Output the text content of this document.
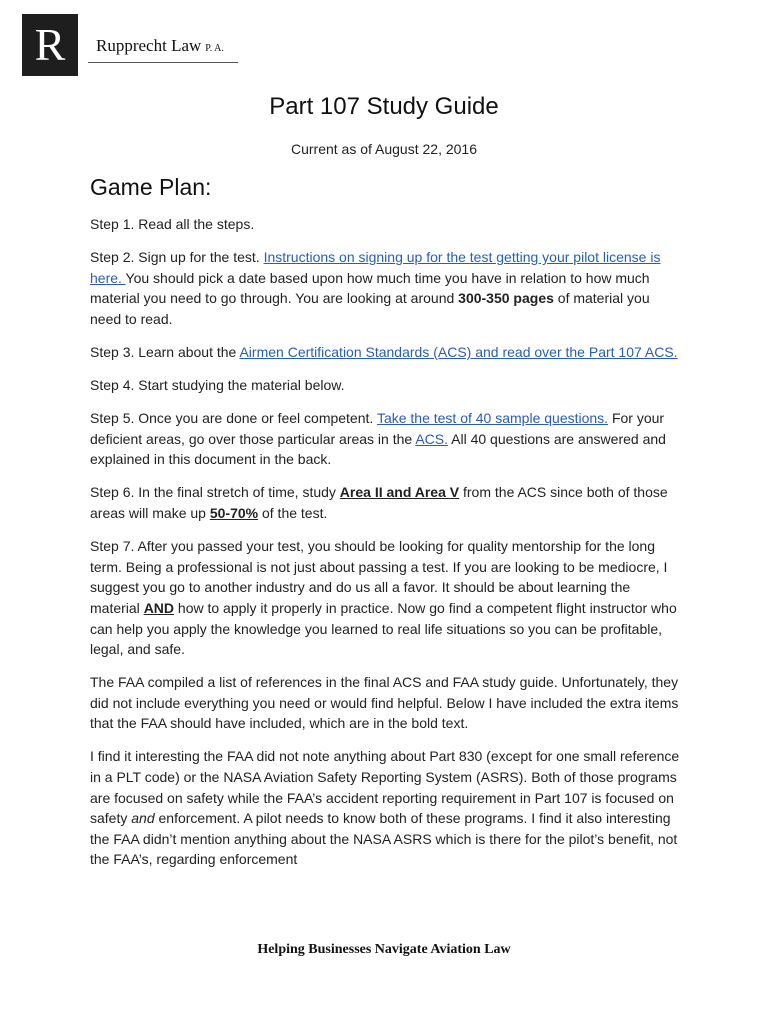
R Rupprecht Law P. A.
Part 107 Study Guide
Current as of August 22, 2016
Game Plan:

Step 1. Read all the steps.

Step 2. Sign up for the test. Instructions on signing up for the test getting your pilot license is here. You should pick a date based upon how much time you have in relation to how much material you need to go through. You are looking at around 300-350 pages of material you need to read.

Step 3. Learn about the Airmen Certification Standards (ACS) and read over the Part 107 ACS.

Step 4. Start studying the material below.

Step 5. Once you are done or feel competent. Take the test of 40 sample questions. For your deficient areas, go over those particular areas in the ACS. All 40 questions are answered and explained in this document in the back.

Step 6. In the final stretch of time, study Area II and Area V from the ACS since both of those areas will make up 50-70% of the test.

Step 7. After you passed your test, you should be looking for quality mentorship for the long term. Being a professional is not just about passing a test. If you are looking to be mediocre, I suggest you go to another industry and do us all a favor. It should be about learning the material AND how to apply it properly in practice. Now go find a competent flight instructor who can help you apply the knowledge you learned to real life situations so you can be profitable, legal, and safe.

The FAA compiled a list of references in the final ACS and FAA study guide. Unfortunately, they did not include everything you need or would find helpful. Below I have included the extra items that the FAA should have included, which are in the bold text.

I find it interesting the FAA did not note anything about Part 830 (except for one small reference in a PLT code) or the NASA Aviation Safety Reporting System (ASRS). Both of those programs are focused on safety while the FAA’s accident reporting requirement in Part 107 is focused on safety and enforcement. A pilot needs to know both of these programs. I find it also interesting the FAA didn’t mention anything about the NASA ASRS which is there for the pilot’s benefit, not the FAA’s, regarding enforcement

Helping Businesses Navigate Aviation Law
